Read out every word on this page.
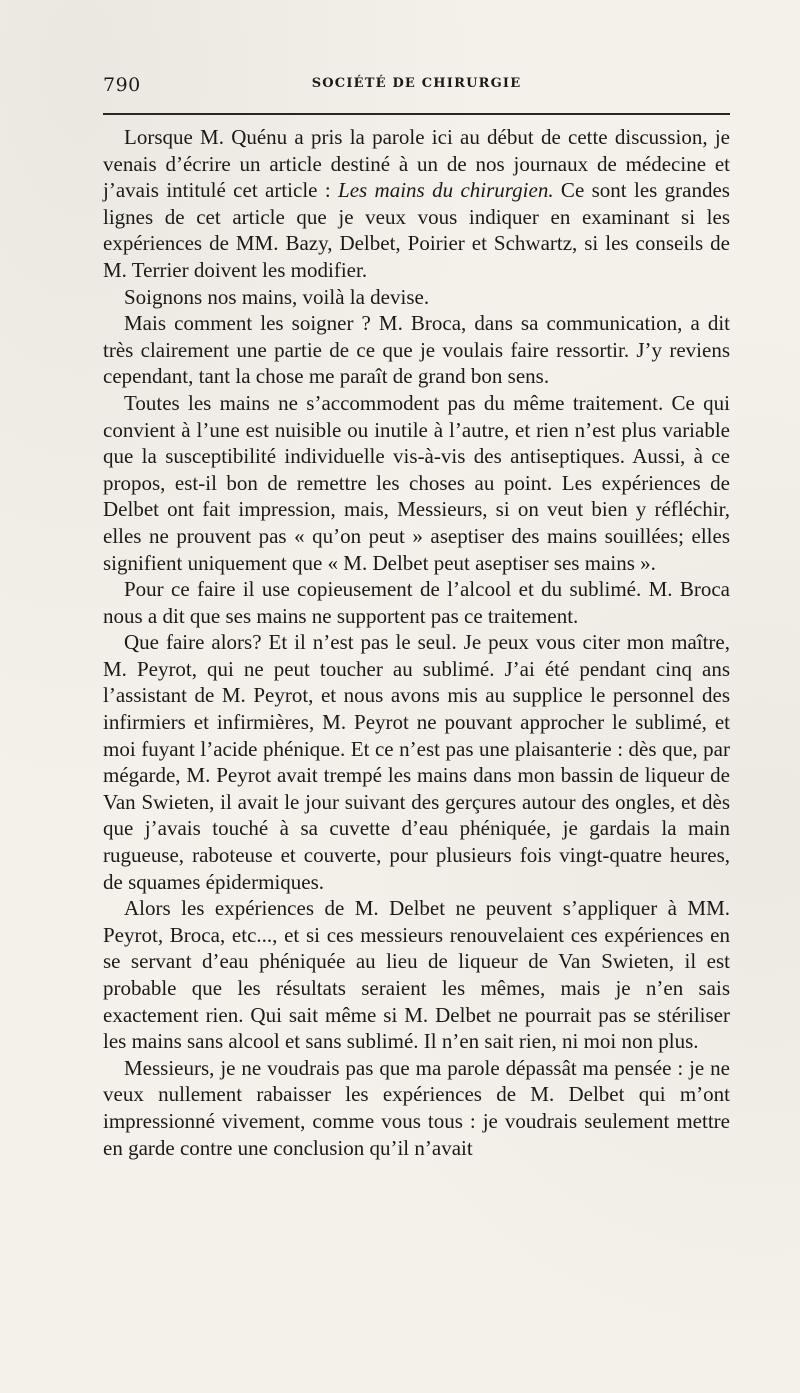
790	SOCIÉTÉ DE CHIRURGIE

Lorsque M. Quénu a pris la parole ici au début de cette discussion, je venais d’écrire un article destiné à un de nos journaux de médecine et j’avais intitulé cet article : Les mains du chirurgien. Ce sont les grandes lignes de cet article que je veux vous indiquer en examinant si les expériences de MM. Bazy, Delbet, Poirier et Schwartz, si les conseils de M. Terrier doivent les modifier.

Soignons nos mains, voilà la devise.

Mais comment les soigner ? M. Broca, dans sa communication, a dit très clairement une partie de ce que je voulais faire ressortir. J’y reviens cependant, tant la chose me paraît de grand bon sens.

Toutes les mains ne s’accommodent pas du même traitement. Ce qui convient à l’une est nuisible ou inutile à l’autre, et rien n’est plus variable que la susceptibilité individuelle vis-à-vis des antiseptiques. Aussi, à ce propos, est-il bon de remettre les choses au point. Les expériences de Delbet ont fait impression, mais, Messieurs, si on veut bien y réfléchir, elles ne prouvent pas « qu’on peut » aseptiser des mains souillées; elles signifient uniquement que « M. Delbet peut aseptiser ses mains ».

Pour ce faire il use copieusement de l’alcool et du sublimé. M. Broca nous a dit que ses mains ne supportent pas ce traitement.

Que faire alors? Et il n’est pas le seul. Je peux vous citer mon maître, M. Peyrot, qui ne peut toucher au sublimé. J’ai été pendant cinq ans l’assistant de M. Peyrot, et nous avons mis au supplice le personnel des infirmiers et infirmières, M. Peyrot ne pouvant approcher le sublimé, et moi fuyant l’acide phénique. Et ce n’est pas une plaisanterie : dès que, par mégarde, M. Peyrot avait trempé les mains dans mon bassin de liqueur de Van Swieten, il avait le jour suivant des gerçures autour des ongles, et dès que j’avais touché à sa cuvette d’eau phéniquée, je gardais la main rugueuse, raboteuse et couverte, pour plusieurs fois vingt-quatre heures, de squames épidermiques.

Alors les expériences de M. Delbet ne peuvent s’appliquer à MM. Peyrot, Broca, etc..., et si ces messieurs renouvelaient ces expériences en se servant d’eau phéniquée au lieu de liqueur de Van Swieten, il est probable que les résultats seraient les mêmes, mais je n’en sais exactement rien. Qui sait même si M. Delbet ne pourrait pas se stériliser les mains sans alcool et sans sublimé. Il n’en sait rien, ni moi non plus.

Messieurs, je ne voudrais pas que ma parole dépassât ma pensée : je ne veux nullement rabaisser les expériences de M. Delbet qui m’ont impressionné vivement, comme vous tous : je voudrais seulement mettre en garde contre une conclusion qu’il n’avait
